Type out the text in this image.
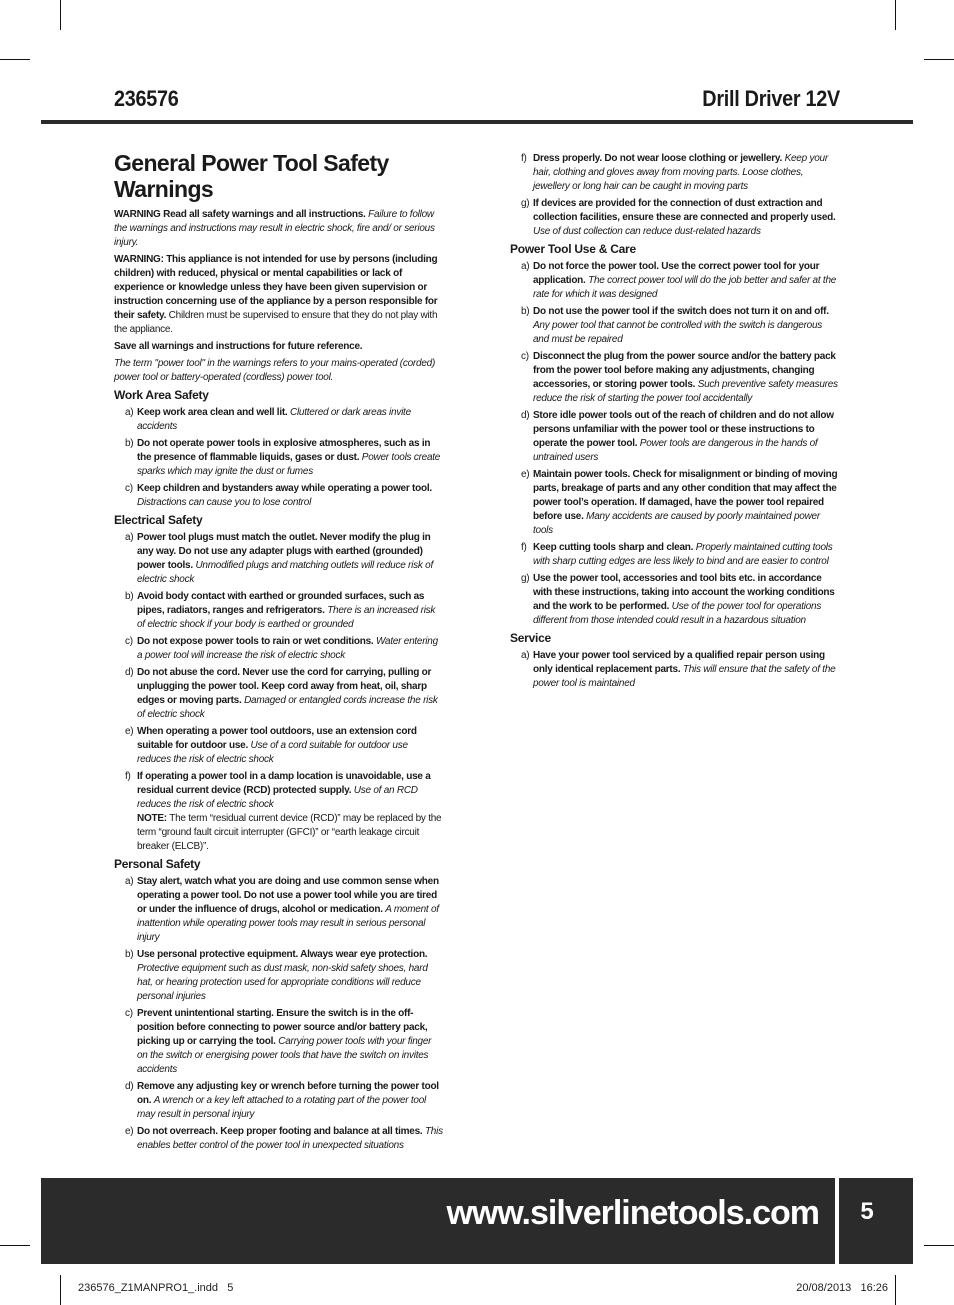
236576	Drill Driver 12V
General Power Tool Safety Warnings

WARNING Read all safety warnings and all instructions. Failure to follow the warnings and instructions may result in electric shock, fire and/ or serious injury.

WARNING: This appliance is not intended for use by persons (including children) with reduced, physical or mental capabilities or lack of experience or knowledge unless they have been given supervision or instruction concerning use of the appliance by a person responsible for their safety. Children must be supervised to ensure that they do not play with the appliance.

Save all warnings and instructions for future reference.

The term "power tool" in the warnings refers to your mains-operated (corded) power tool or battery-operated (cordless) power tool.

Work Area Safety
a) Keep work area clean and well lit. Cluttered or dark areas invite accidents
b) Do not operate power tools in explosive atmospheres, such as in the presence of flammable liquids, gases or dust. Power tools create sparks which may ignite the dust or fumes
c) Keep children and bystanders away while operating a power tool. Distractions can cause you to lose control
Electrical Safety
a) Power tool plugs must match the outlet. Never modify the plug in any way. Do not use any adapter plugs with earthed (grounded) power tools. Unmodified plugs and matching outlets will reduce risk of electric shock
b) Avoid body contact with earthed or grounded surfaces, such as pipes, radiators, ranges and refrigerators. There is an increased risk of electric shock if your body is earthed or grounded
c) Do not expose power tools to rain or wet conditions. Water entering a power tool will increase the risk of electric shock
d) Do not abuse the cord. Never use the cord for carrying, pulling or unplugging the power tool. Keep cord away from heat, oil, sharp edges or moving parts. Damaged or entangled cords increase the risk of electric shock
e) When operating a power tool outdoors, use an extension cord suitable for outdoor use. Use of a cord suitable for outdoor use reduces the risk of electric shock
f) If operating a power tool in a damp location is unavoidable, use a residual current device (RCD) protected supply. Use of an RCD reduces the risk of electric shock

NOTE: The term “residual current device (RCD)” may be replaced by the term “ground fault circuit interrupter (GFCI)” or “earth leakage circuit breaker (ELCB)”.

Personal Safety
a) Stay alert, watch what you are doing and use common sense when operating a power tool. Do not use a power tool while you are tired or under the influence of drugs, alcohol or medication. A moment of inattention while operating power tools may result in serious personal injury
b) Use personal protective equipment. Always wear eye protection. Protective equipment such as dust mask, non-skid safety shoes, hard hat, or hearing protection used for appropriate conditions will reduce personal injuries
c) Prevent unintentional starting. Ensure the switch is in the off-position before connecting to power source and/or battery pack, picking up or carrying the tool. Carrying power tools with your finger on the switch or energising power tools that have the switch on invites accidents
d) Remove any adjusting key or wrench before turning the power tool on. A wrench or a key left attached to a rotating part of the power tool may result in personal injury
e) Do not overreach. Keep proper footing and balance at all times. This enables better control of the power tool in unexpected situations
f) Dress properly. Do not wear loose clothing or jewellery. Keep your hair, clothing and gloves away from moving parts. Loose clothes, jewellery or long hair can be caught in moving parts
g) If devices are provided for the connection of dust extraction and collection facilities, ensure these are connected and properly used. Use of dust collection can reduce dust-related hazards
Power Tool Use & Care
a) Do not force the power tool. Use the correct power tool for your application. The correct power tool will do the job better and safer at the rate for which it was designed
b) Do not use the power tool if the switch does not turn it on and off. Any power tool that cannot be controlled with the switch is dangerous and must be repaired
c) Disconnect the plug from the power source and/or the battery pack from the power tool before making any adjustments, changing accessories, or storing power tools. Such preventive safety measures reduce the risk of starting the power tool accidentally
d) Store idle power tools out of the reach of children and do not allow persons unfamiliar with the power tool or these instructions to operate the power tool. Power tools are dangerous in the hands of untrained users
e) Maintain power tools. Check for misalignment or binding of moving parts, breakage of parts and any other condition that may affect the power tool’s operation. If damaged, have the power tool repaired before use. Many accidents are caused by poorly maintained power tools
f) Keep cutting tools sharp and clean. Properly maintained cutting tools with sharp cutting edges are less likely to bind and are easier to control
g) Use the power tool, accessories and tool bits etc. in accordance with these instructions, taking into account the working conditions and the work to be performed. Use of the power tool for operations different from those intended could result in a hazardous situation
Service
a) Have your power tool serviced by a qualified repair person using only identical replacement parts. This will ensure that the safety of the power tool is maintained
www.silverlinetools.com	5
236576_Z1MANPRO1_.indd   5	20/08/2013   16:26
